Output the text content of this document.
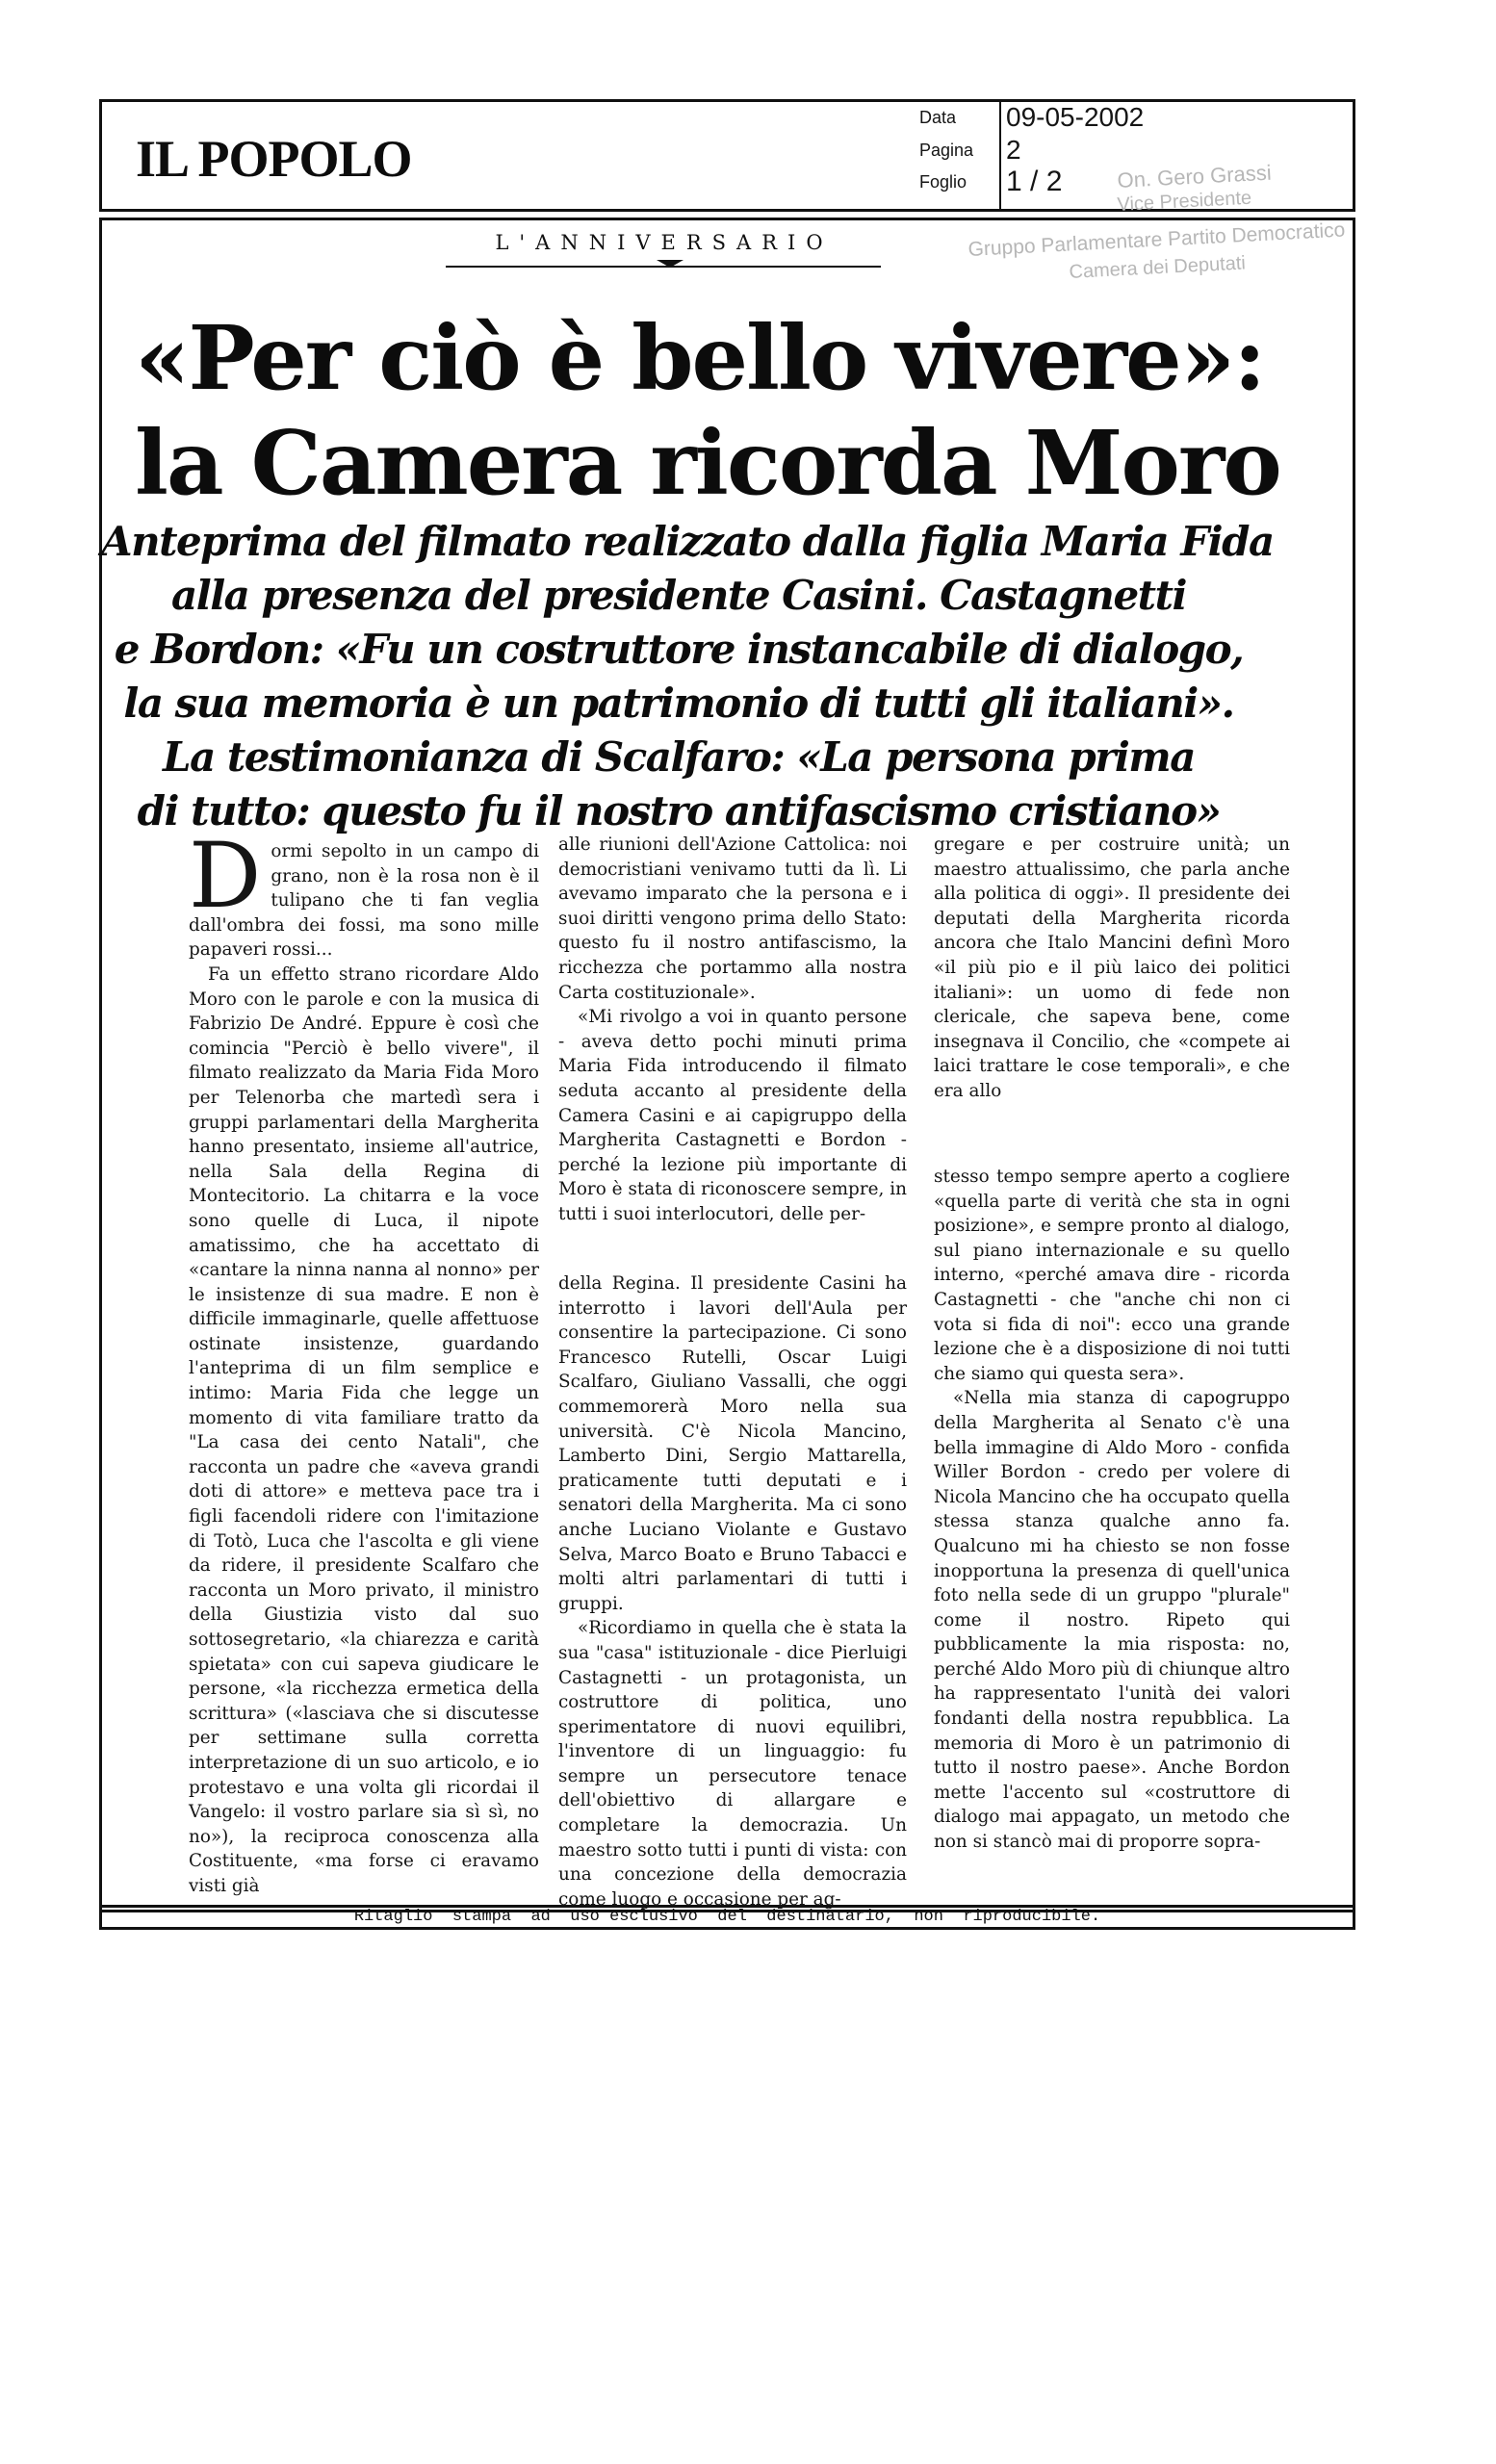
IL POPOLO
Data 09-05-2002
Pagina 2
Foglio 1 / 2	On. Gero Grassi
Vice Presidente
Gruppo Parlamentare Partito Democratico
Camera dei Deputati
L'ANNIVERSARIO
«Per ciò è bello vivere»:
la Camera ricorda Moro
Anteprima del filmato realizzato dalla figlia Maria Fida
alla presenza del presidente Casini. Castagnetti
e Bordon: «Fu un costruttore instancabile di dialogo,
la sua memoria è un patrimonio di tutti gli italiani».
La testimonianza di Scalfaro: «La persona prima
di tutto: questo fu il nostro antifascismo cristiano»

Dormi sepolto in un campo di grano, non è la rosa non è il tulipano che ti fan veglia dall'ombra dei fossi, ma sono mille papaveri rossi...

Fa un effetto strano ricordare Aldo Moro con le parole e con la musica di Fabrizio De André. Eppure è così che comincia "Perciò è bello vivere", il filmato realizzato da Maria Fida Moro per Telenorba che martedì sera i gruppi parlamentari della Margherita hanno presentato, insieme all'autrice, nella Sala della Regina di Montecitorio. La chitarra e la voce sono quelle di Luca, il nipote amatissimo, che ha accettato di «cantare la ninna nanna al nonno» per le insistenze di sua madre. E non è difficile immaginarle, quelle affettuose ostinate insistenze, guardando l'anteprima di un film semplice e intimo: Maria Fida che legge un momento di vita familiare tratto da "La casa dei cento Natali", che racconta un padre che «aveva grandi doti di attore» e metteva pace tra i figli facendoli ridere con l'imitazione di Totò, Luca che l'ascolta e gli viene da ridere, il presidente Scalfaro che racconta un Moro privato, il ministro della Giustizia visto dal suo sottosegretario, «la chiarezza e carità spietata» con cui sapeva giudicare le persone, «la ricchezza ermetica della scrittura» («lasciava che si discutesse per settimane sulla corretta interpretazione di un suo articolo, e io protestavo e una volta gli ricordai il Vangelo: il vostro parlare sia sì sì, no no»), la reciproca conoscenza alla Costituente, «ma forse ci eravamo visti già

alle riunioni dell'Azione Cattolica: noi democristiani venivamo tutti da lì. Li avevamo imparato che la persona e i suoi diritti vengono prima dello Stato: questo fu il nostro antifascismo, la ricchezza che portammo alla nostra Carta costituzionale».

«Mi rivolgo a voi in quanto persone - aveva detto pochi minuti prima Maria Fida introducendo il filmato seduta accanto al presidente della Camera Casini e ai capigruppo della Margherita Castagnetti e Bordon - perché la lezione più importante di Moro è stata di riconoscere sempre, in tutti i suoi interlocutori, delle per-

della Regina. Il presidente Casini ha interrotto i lavori dell'Aula per consentire la partecipazione. Ci sono Francesco Rutelli, Oscar Luigi Scalfaro, Giuliano Vassalli, che oggi commemorerà Moro nella sua università. C'è Nicola Mancino, Lamberto Dini, Sergio Mattarella, praticamente tutti deputati e i senatori della Margherita. Ma ci sono anche Luciano Violante e Gustavo Selva, Marco Boato e Bruno Tabacci e molti altri parlamentari di tutti i gruppi.

«Ricordiamo in quella che è stata la sua "casa" istituzionale - dice Pierluigi Castagnetti - un protagonista, un costruttore di politica, uno sperimentatore di nuovi equilibri, l'inventore di un linguaggio: fu sempre un persecutore tenace dell'obiettivo di allargare e completare la democrazia. Un maestro sotto tutti i punti di vista: con una concezione della democrazia come luogo e occasione per ag-

gregare e per costruire unità; un maestro attualissimo, che parla anche alla politica di oggi». Il presidente dei deputati della Margherita ricorda ancora che Italo Mancini definì Moro «il più pio e il più laico dei politici italiani»: un uomo di fede non clericale, che sapeva bene, come insegnava il Concilio, che «compete ai laici trattare le cose temporali», e che era allo

stesso tempo sempre aperto a cogliere «quella parte di verità che sta in ogni posizione», e sempre pronto al dialogo, sul piano internazionale e su quello interno, «perché amava dire - ricorda Castagnetti - che "anche chi non ci vota si fida di noi": ecco una grande lezione che è a disposizione di noi tutti che siamo qui questa sera».

«Nella mia stanza di capogruppo della Margherita al Senato c'è una bella immagine di Aldo Moro - confida Willer Bordon - credo per volere di Nicola Mancino che ha occupato quella stessa stanza qualche anno fa. Qualcuno mi ha chiesto se non fosse inopportuna la presenza di quell'unica foto nella sede di un gruppo "plurale" come il nostro. Ripeto qui pubblicamente la mia risposta: no, perché Aldo Moro più di chiunque altro ha rappresentato l'unità dei valori fondanti della nostra repubblica. La memoria di Moro è un patrimonio di tutto il nostro paese». Anche Bordon mette l'accento sul «costruttore di dialogo mai appagato, un metodo che non si stancò mai di proporre sopra-

Ritaglio  stampa  ad  uso esclusivo  del  destinatario,  non  riproducibile.
